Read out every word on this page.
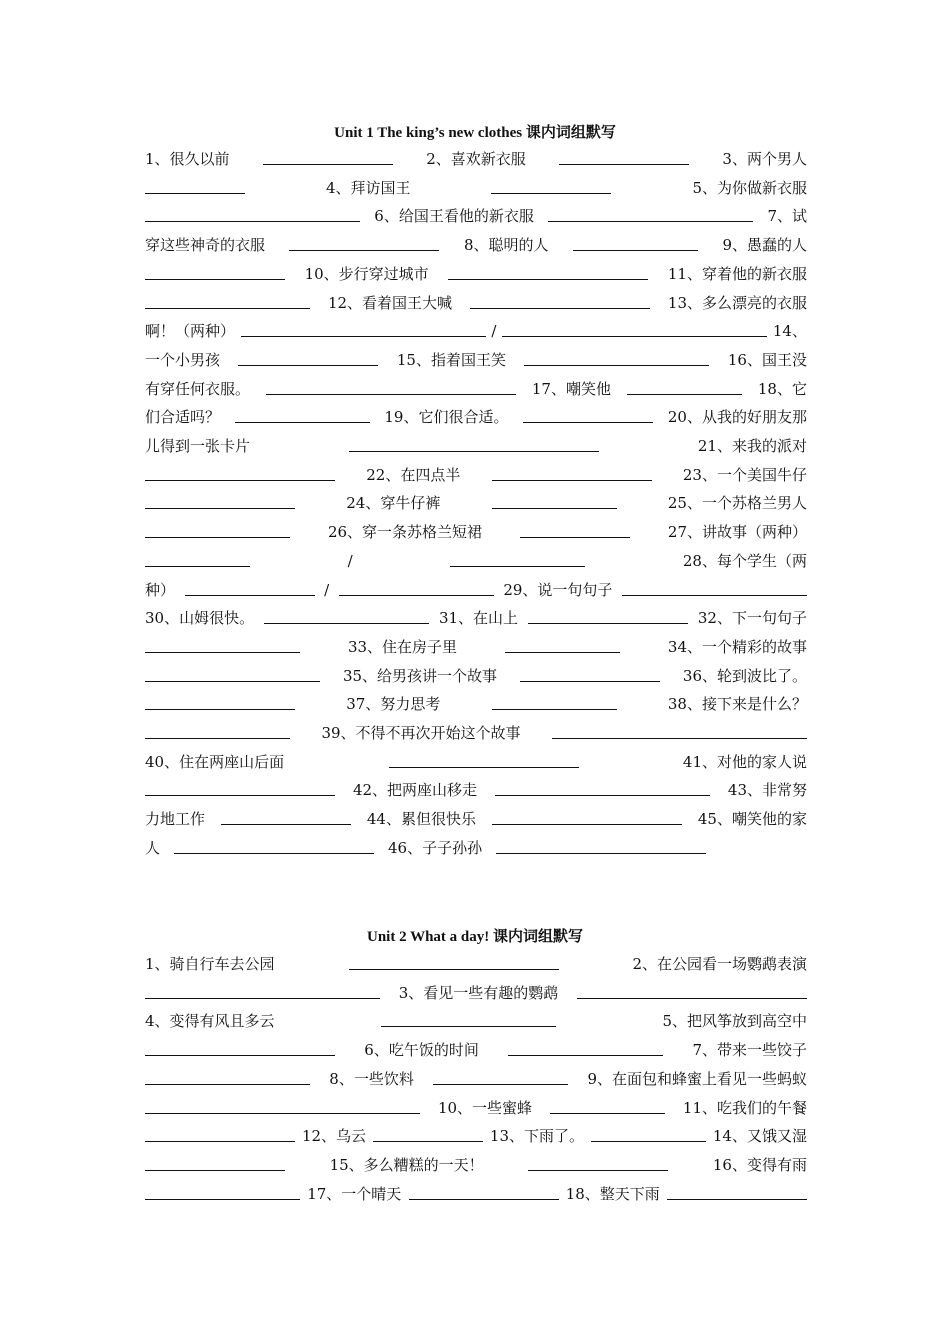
Unit 1 The king’s new clothes 课内词组默写
1、很久以前	2、喜欢新衣服	3、两个男人
4、拜访国王	5、为你做新衣服
6、给国王看他的新衣服	7、试
穿这些神奇的衣服	8、聪明的人	9、愚蠢的人
10、步行穿过城市	11、穿着他的新衣服
12、看着国王大喊	13、多么漂亮的衣服
啊！（两种）	/	14、
一个小男孩	15、指着国王笑	16、国王没
有穿任何衣服。	17、嘲笑他	18、它
们合适吗？	19、它们很合适。	20、从我的好朋友那
儿得到一张卡片	21、来我的派对
22、在四点半	23、一个美国牛仔
24、穿牛仔裤	25、一个苏格兰男人
26、穿一条苏格兰短裙	27、讲故事（两种）
/	28、每个学生（两
种）	/	29、说一句句子
30、山姆很快。	31、在山上	32、下一句句子
33、住在房子里	34、一个精彩的故事
35、给男孩讲一个故事	36、轮到波比了。
37、努力思考	38、接下来是什么？
39、不得不再次开始这个故事
40、住在两座山后面	41、对他的家人说
42、把两座山移走	43、非常努
力地工作	44、累但很快乐	45、嘲笑他的家
人	46、子子孙孙
Unit 2 What a day! 课内词组默写
1、骑自行车去公园	2、在公园看一场鹦鹉表演
3、看见一些有趣的鹦鹉
4、变得有风且多云	5、把风筝放到高空中
6、吃午饭的时间	7、带来一些饺子
8、一些饮料	9、在面包和蜂蜜上看见一些蚂蚁
10、一些蜜蜂	11、吃我们的午餐
12、乌云	13、下雨了。	14、又饿又湿
15、多么糟糕的一天！	16、变得有雨
17、一个晴天	18、整天下雨
